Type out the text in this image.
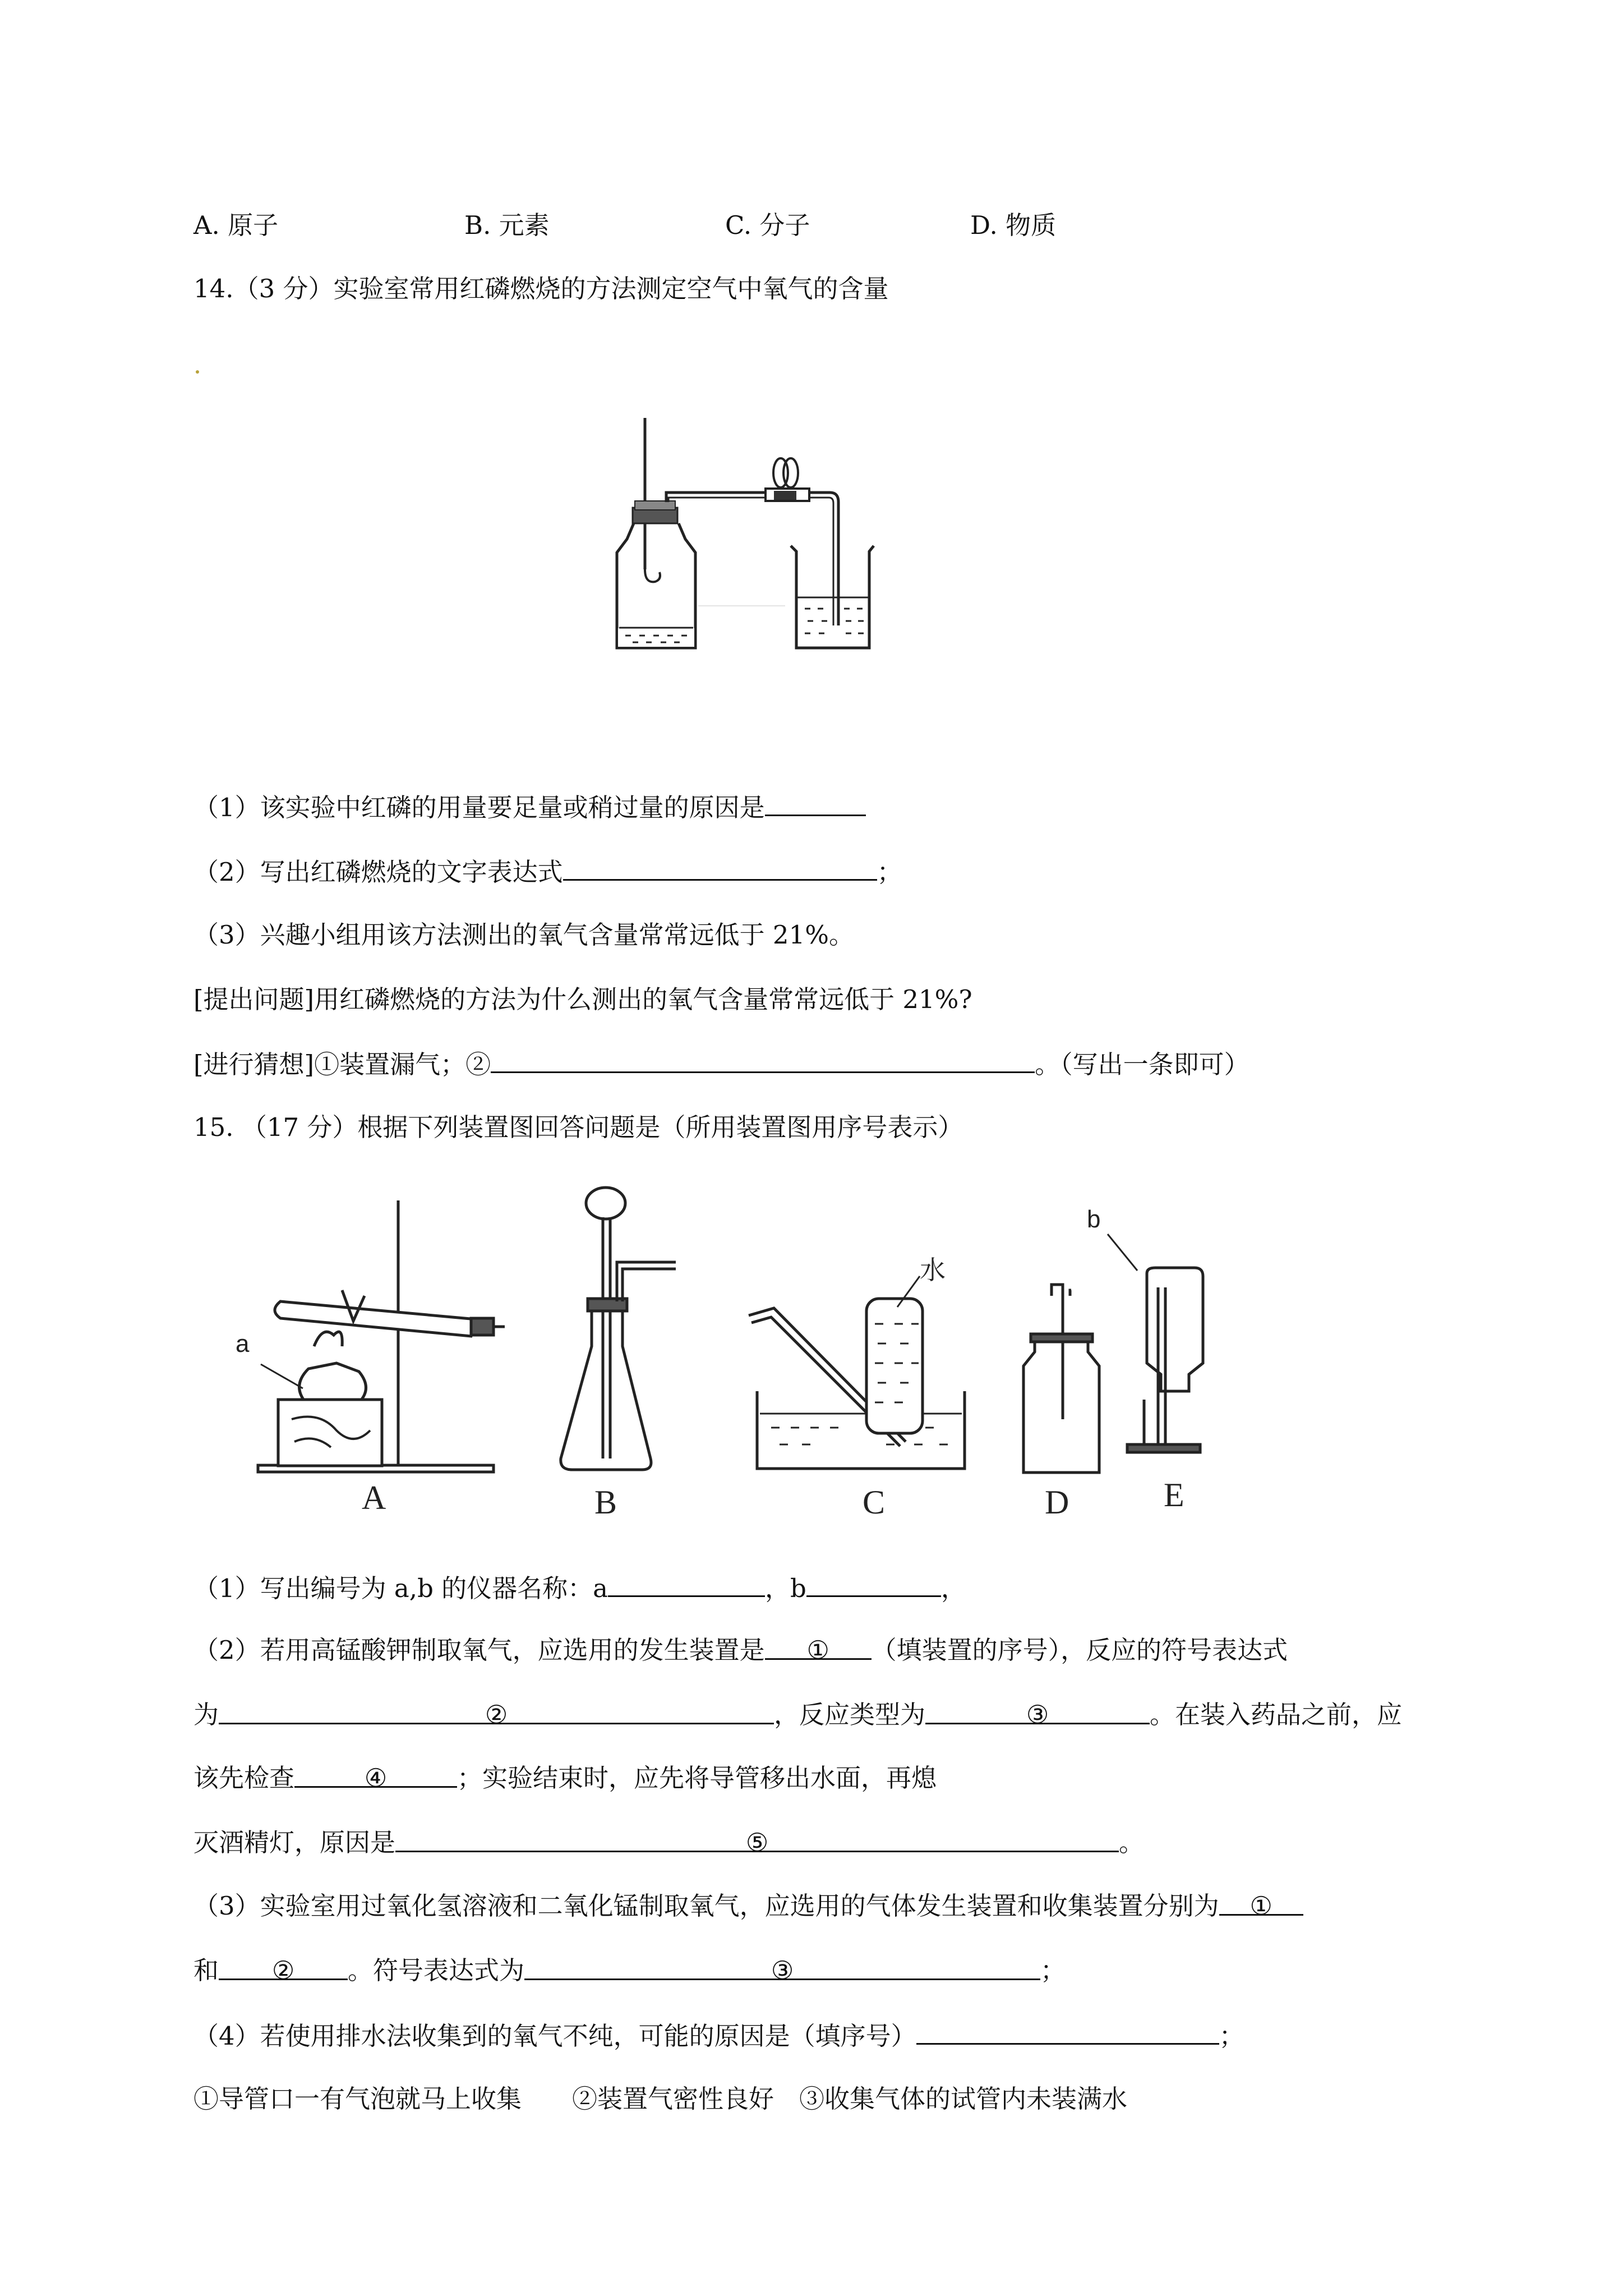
A. 原子	B. 元素	C. 分子	D. 物质
14.（3 分）实验室常用红磷燃烧的方法测定空气中氧气的含量
（1）该实验中红磷的用量要足量或稍过量的原因是
（2）写出红磷燃烧的文字表达式	；
（3）兴趣小组用该方法测出的氧气含量常常远低于 21%。
[提出问题]用红磷燃烧的方法为什么测出的氧气含量常常远低于 21%?
[进行猜想]①装置漏气；②	。（写出一条即可）
15. （17 分）根据下列装置图回答问题是（所用装置图用序号表示）
a
A	B
水
C	D
b
E
（1）写出编号为 a,b 的仪器名称：a	，b	，
（2）若用高锰酸钾制取氧气，应选用的发生装置是 ① （填装置的序号），反应的符号表达式
为	②	，反应类型为	③	。在装入药品之前，应
该先检查	④	；实验结束时，应先将导管移出水面，再熄
灭酒精灯，原因是	⑤	。
（3）实验室用过氧化氢溶液和二氧化锰制取氧气，应选用的气体发生装置和收集装置分别为 ①
和 ② 。符号表达式为	③	；
（4）若使用排水法收集到的氧气不纯，可能的原因是（填序号）	；
①导管口一有气泡就马上收集　　②装置气密性良好　③收集气体的试管内未装满水
